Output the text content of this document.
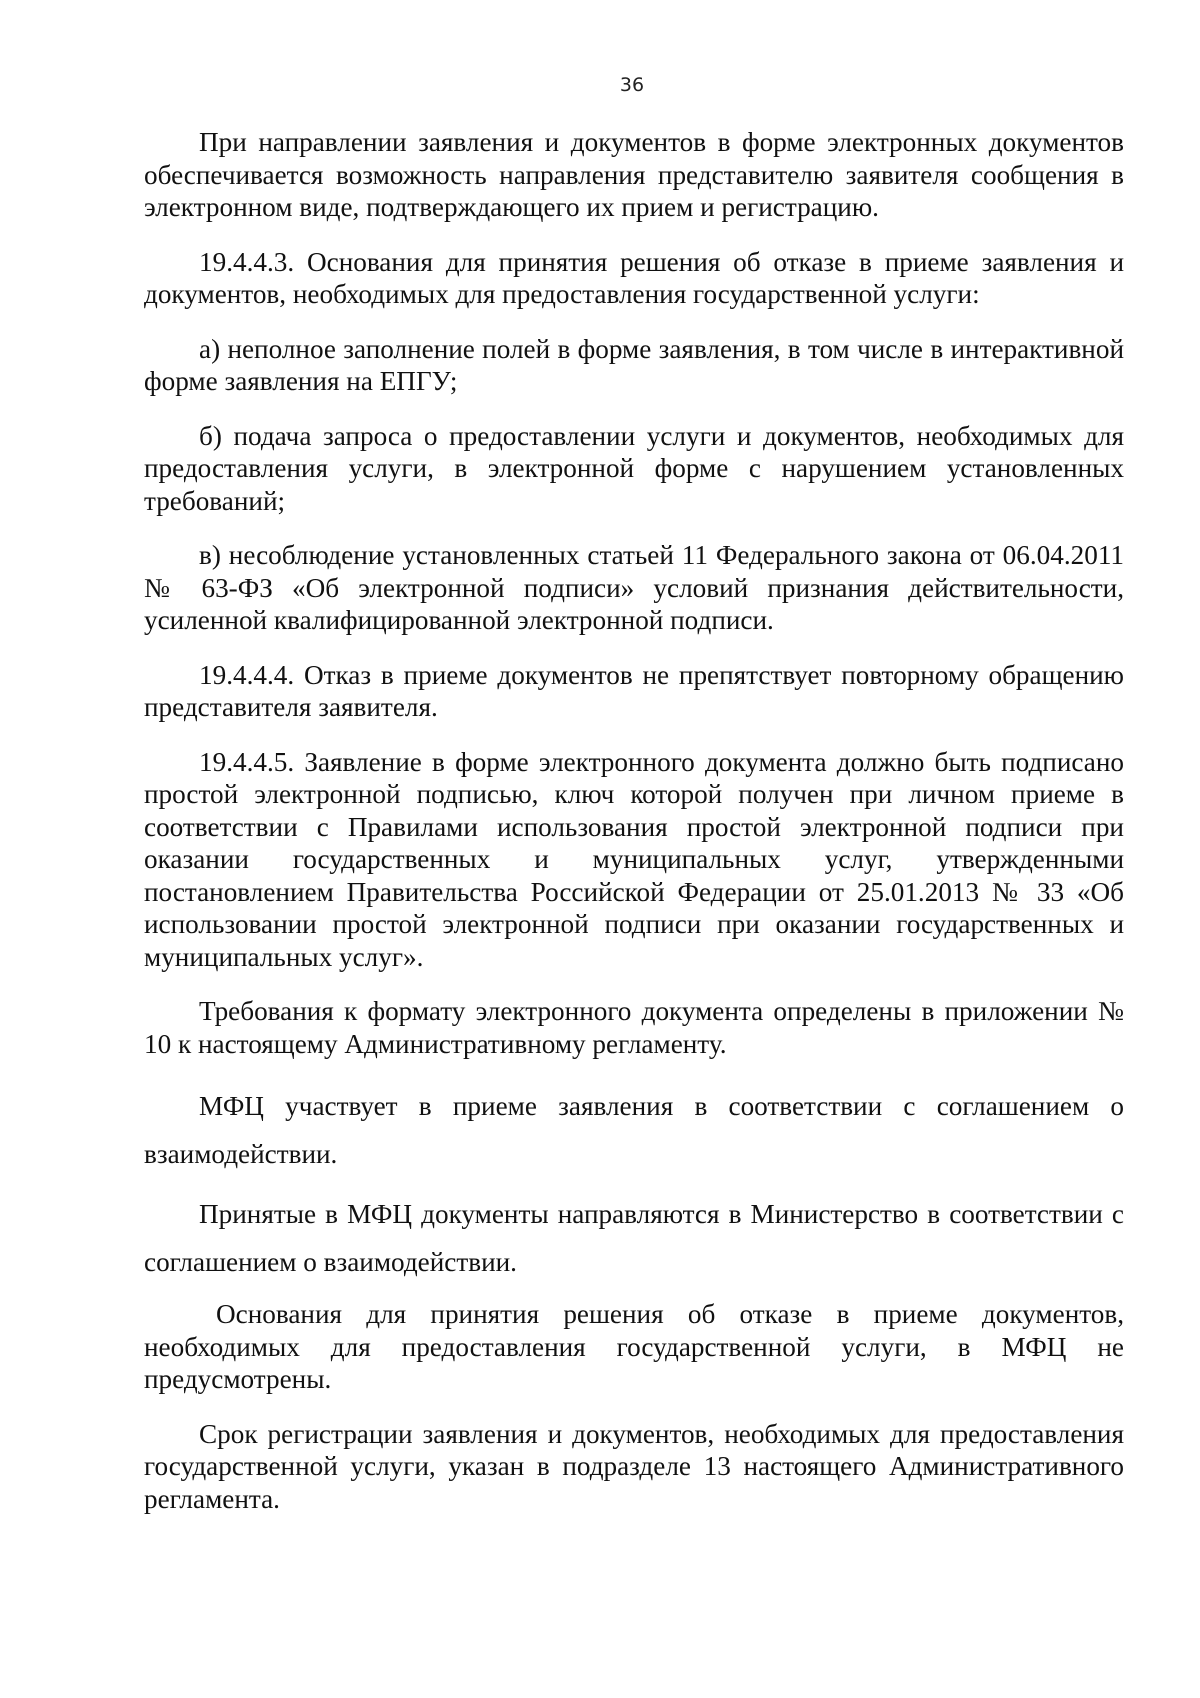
36

При направлении заявления и документов в форме электронных документов обеспечивается возможность направления представителю заявителя сообщения в электронном виде, подтверждающего их прием и регистрацию.

19.4.4.3. Основания для принятия решения об отказе в приеме заявления и документов, необходимых для предоставления государственной услуги:

а) неполное заполнение полей в форме заявления, в том числе в интерактивной форме заявления на ЕПГУ;

б) подача запроса о предоставлении услуги и документов, необходимых для предоставления услуги, в электронной форме с нарушением установленных требований;

в) несоблюдение установленных статьей 11 Федерального закона от 06.04.2011 № 63-ФЗ «Об электронной подписи» условий признания действительности, усиленной квалифицированной электронной подписи.

19.4.4.4. Отказ в приеме документов не препятствует повторному обращению представителя заявителя.

19.4.4.5. Заявление в форме электронного документа должно быть подписано простой электронной подписью, ключ которой получен при личном приеме в соответствии с Правилами использования простой электронной подписи при оказании государственных и муниципальных услуг, утвержденными постановлением Правительства Российской Федерации от 25.01.2013 № 33 «Об использовании простой электронной подписи при оказании государственных и муниципальных услуг».

Требования к формату электронного документа определены в приложении № 10 к настоящему Административному регламенту.

МФЦ участвует в приеме заявления в соответствии с соглашением о взаимодействии.

Принятые в МФЦ документы направляются в Министерство в соответствии с соглашением о взаимодействии.

Основания для принятия решения об отказе в приеме документов, необходимых для предоставления государственной услуги, в МФЦ не предусмотрены.

Срок регистрации заявления и документов, необходимых для предоставления государственной услуги, указан в подразделе 13 настоящего Административного регламента.
